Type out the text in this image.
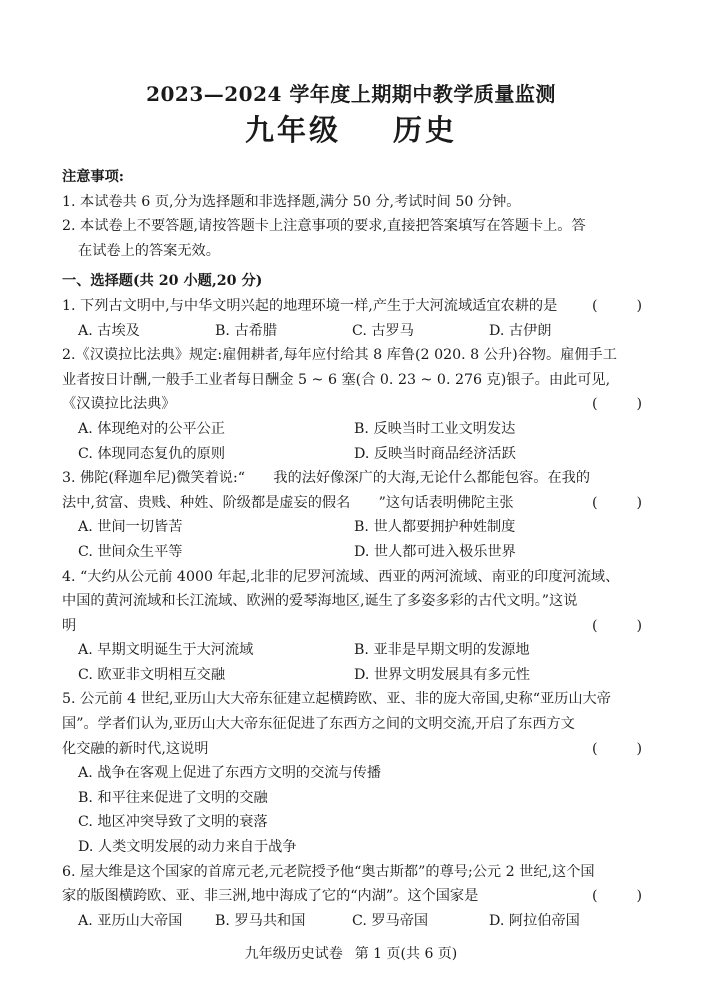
2023—2024 学年度上期期中教学质量监测
九年级 历史

注意事项:

1. 本试卷共 6 页,分为选择题和非选择题,满分 50 分,考试时间 50 分钟。

2. 本试卷上不要答题,请按答题卡上注意事项的要求,直接把答案填写在答题卡上。答

在试卷上的答案无效。

一、选择题(共 20 小题,20 分)

1. 下列古文明中,与中华文明兴起的地理环境一样,产生于大河流域适宜农耕的是	(	)
A. 古埃及	B. 古希腊	C. 古罗马	D. 古伊朗

2.《汉谟拉比法典》规定:雇佣耕者,每年应付给其 8 库鲁(2 020. 8 公升)谷物。雇佣手工

业者按日计酬,一般手工业者每日酬金 5 ~ 6 塞(合 0. 23 ~ 0. 276 克)银子。由此可见,

《汉谟拉比法典》	(	)
A. 体现绝对的公平公正	B. 反映当时工业文明发达
C. 体现同态复仇的原则	D. 反映当时商品经济活跃

3. 佛陀(释迦牟尼)微笑着说:“　　我的法好像深广的大海,无论什么都能包容。在我的

法中,贫富、贵贱、种姓、阶级都是虚妄的假名　　”这句话表明佛陀主张	(	)
A. 世间一切皆苦	B. 世人都要拥护种姓制度
C. 世间众生平等	D. 世人都可进入极乐世界

4. “大约从公元前 4000 年起,北非的尼罗河流域、西亚的两河流域、南亚的印度河流域、

中国的黄河流域和长江流域、欧洲的爱琴海地区,诞生了多姿多彩的古代文明。”这说

明	(	)
A. 早期文明诞生于大河流域	B. 亚非是早期文明的发源地
C. 欧亚非文明相互交融	D. 世界文明发展具有多元性

5. 公元前 4 世纪,亚历山大大帝东征建立起横跨欧、亚、非的庞大帝国,史称“亚历山大帝

国”。学者们认为,亚历山大大帝东征促进了东西方之间的文明交流,开启了东西方文

化交融的新时代,这说明	(	)

A. 战争在客观上促进了东西方文明的交流与传播

B. 和平往来促进了文明的交融

C. 地区冲突导致了文明的衰落

D. 人类文明发展的动力来自于战争

6. 屋大维是这个国家的首席元老,元老院授予他“奥古斯都”的尊号;公元 2 世纪,这个国

家的版图横跨欧、亚、非三洲,地中海成了它的“内湖”。这个国家是	(	)
A. 亚历山大帝国	B. 罗马共和国	C. 罗马帝国	D. 阿拉伯帝国
九年级历史试卷 第 1 页(共 6 页)
